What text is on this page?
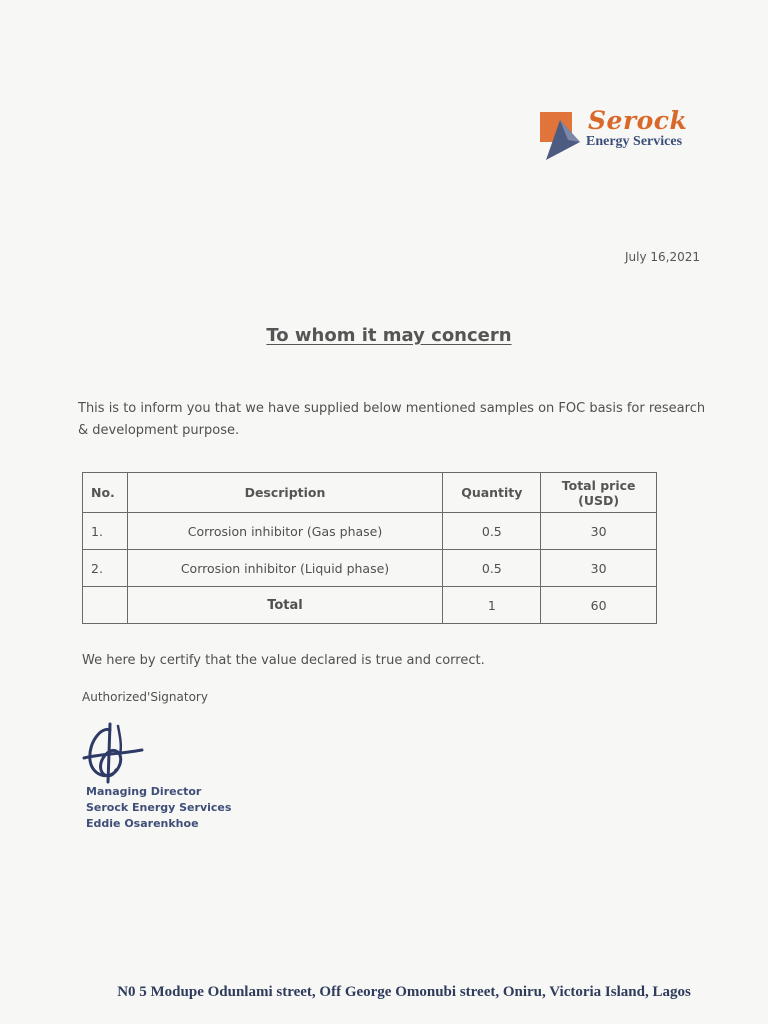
Serock
Energy Services
July 16,2021
To whom it may concern
This is to inform you that we have supplied below mentioned samples on FOC basis for research & development purpose.
No.	Description	Quantity	Total price (USD)
1.	Corrosion inhibitor (Gas phase)	0.5	30
2.	Corrosion inhibitor (Liquid phase)	0.5	30
	Total	1	60
We here by certify that the value declared is true and correct.
Authorized'Signatory
Managing Director
Serock Energy Services
Eddie Osarenkhoe
N0 5 Modupe Odunlami street, Off George Omonubi street, Oniru, Victoria Island, Lagos
